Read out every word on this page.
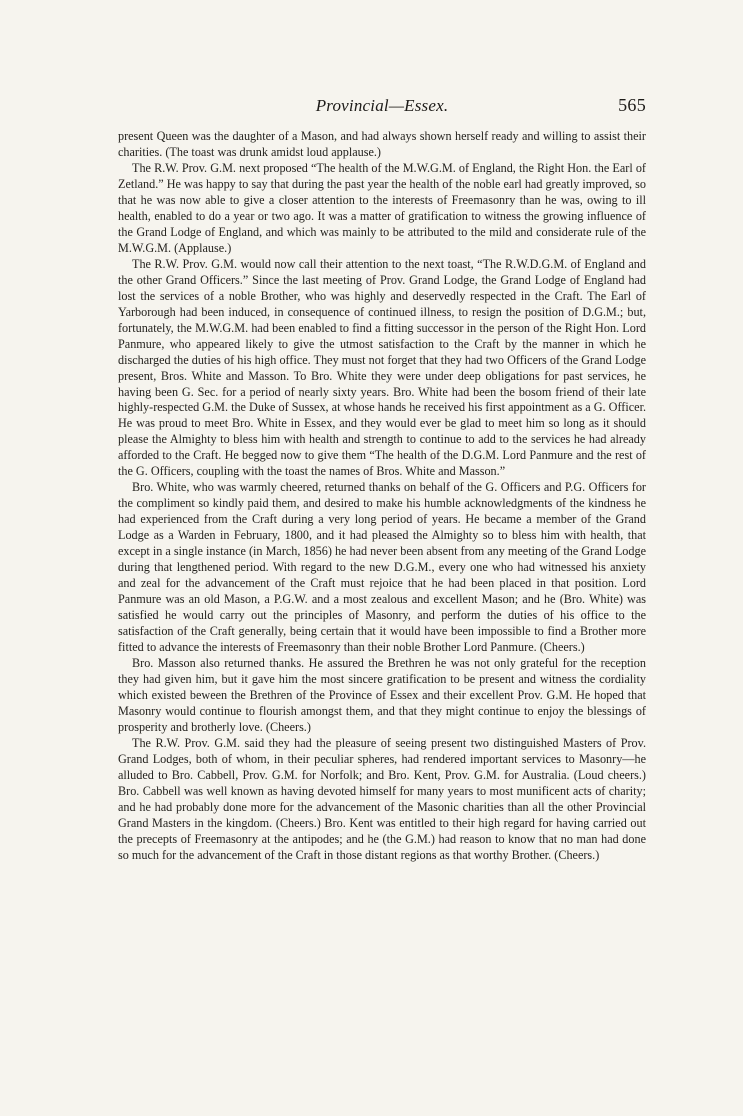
Provincial—Essex.	565

present Queen was the daughter of a Mason, and had always shown herself ready and willing to assist their charities. (The toast was drunk amidst loud applause.)

The R.W. Prov. G.M. next proposed “The health of the M.W.G.M. of England, the Right Hon. the Earl of Zetland.” He was happy to say that during the past year the health of the noble earl had greatly improved, so that he was now able to give a closer attention to the interests of Freemasonry than he was, owing to ill health, enabled to do a year or two ago. It was a matter of gratification to witness the growing influence of the Grand Lodge of England, and which was mainly to be attributed to the mild and considerate rule of the M.W.G.M. (Applause.)

The R.W. Prov. G.M. would now call their attention to the next toast, “The R.W.D.G.M. of England and the other Grand Officers.” Since the last meeting of Prov. Grand Lodge, the Grand Lodge of England had lost the services of a noble Brother, who was highly and deservedly respected in the Craft. The Earl of Yarborough had been induced, in consequence of continued illness, to resign the position of D.G.M.; but, fortunately, the M.W.G.M. had been enabled to find a fitting successor in the person of the Right Hon. Lord Panmure, who appeared likely to give the utmost satisfaction to the Craft by the manner in which he discharged the duties of his high office. They must not forget that they had two Officers of the Grand Lodge present, Bros. White and Masson. To Bro. White they were under deep obligations for past services, he having been G. Sec. for a period of nearly sixty years. Bro. White had been the bosom friend of their late highly-respected G.M. the Duke of Sussex, at whose hands he received his first appointment as a G. Officer. He was proud to meet Bro. White in Essex, and they would ever be glad to meet him so long as it should please the Almighty to bless him with health and strength to continue to add to the services he had already afforded to the Craft. He begged now to give them “The health of the D.G.M. Lord Panmure and the rest of the G. Officers, coupling with the toast the names of Bros. White and Masson.”

Bro. White, who was warmly cheered, returned thanks on behalf of the G. Officers and P.G. Officers for the compliment so kindly paid them, and desired to make his humble acknowledgments of the kindness he had experienced from the Craft during a very long period of years. He became a member of the Grand Lodge as a Warden in February, 1800, and it had pleased the Almighty so to bless him with health, that except in a single instance (in March, 1856) he had never been absent from any meeting of the Grand Lodge during that lengthened period. With regard to the new D.G.M., every one who had witnessed his anxiety and zeal for the advancement of the Craft must rejoice that he had been placed in that position. Lord Panmure was an old Mason, a P.G.W. and a most zealous and excellent Mason; and he (Bro. White) was satisfied he would carry out the principles of Masonry, and perform the duties of his office to the satisfaction of the Craft generally, being certain that it would have been impossible to find a Brother more fitted to advance the interests of Freemasonry than their noble Brother Lord Panmure. (Cheers.)

Bro. Masson also returned thanks. He assured the Brethren he was not only grateful for the reception they had given him, but it gave him the most sincere gratification to be present and witness the cordiality which existed beween the Brethren of the Province of Essex and their excellent Prov. G.M. He hoped that Masonry would continue to flourish amongst them, and that they might continue to enjoy the blessings of prosperity and brotherly love. (Cheers.)

The R.W. Prov. G.M. said they had the pleasure of seeing present two distinguished Masters of Prov. Grand Lodges, both of whom, in their peculiar spheres, had rendered important services to Masonry—he alluded to Bro. Cabbell, Prov. G.M. for Norfolk; and Bro. Kent, Prov. G.M. for Australia. (Loud cheers.) Bro. Cabbell was well known as having devoted himself for many years to most munificent acts of charity; and he had probably done more for the advancement of the Masonic charities than all the other Provincial Grand Masters in the kingdom. (Cheers.) Bro. Kent was entitled to their high regard for having carried out the precepts of Freemasonry at the antipodes; and he (the G.M.) had reason to know that no man had done so much for the advancement of the Craft in those distant regions as that worthy Brother. (Cheers.)
